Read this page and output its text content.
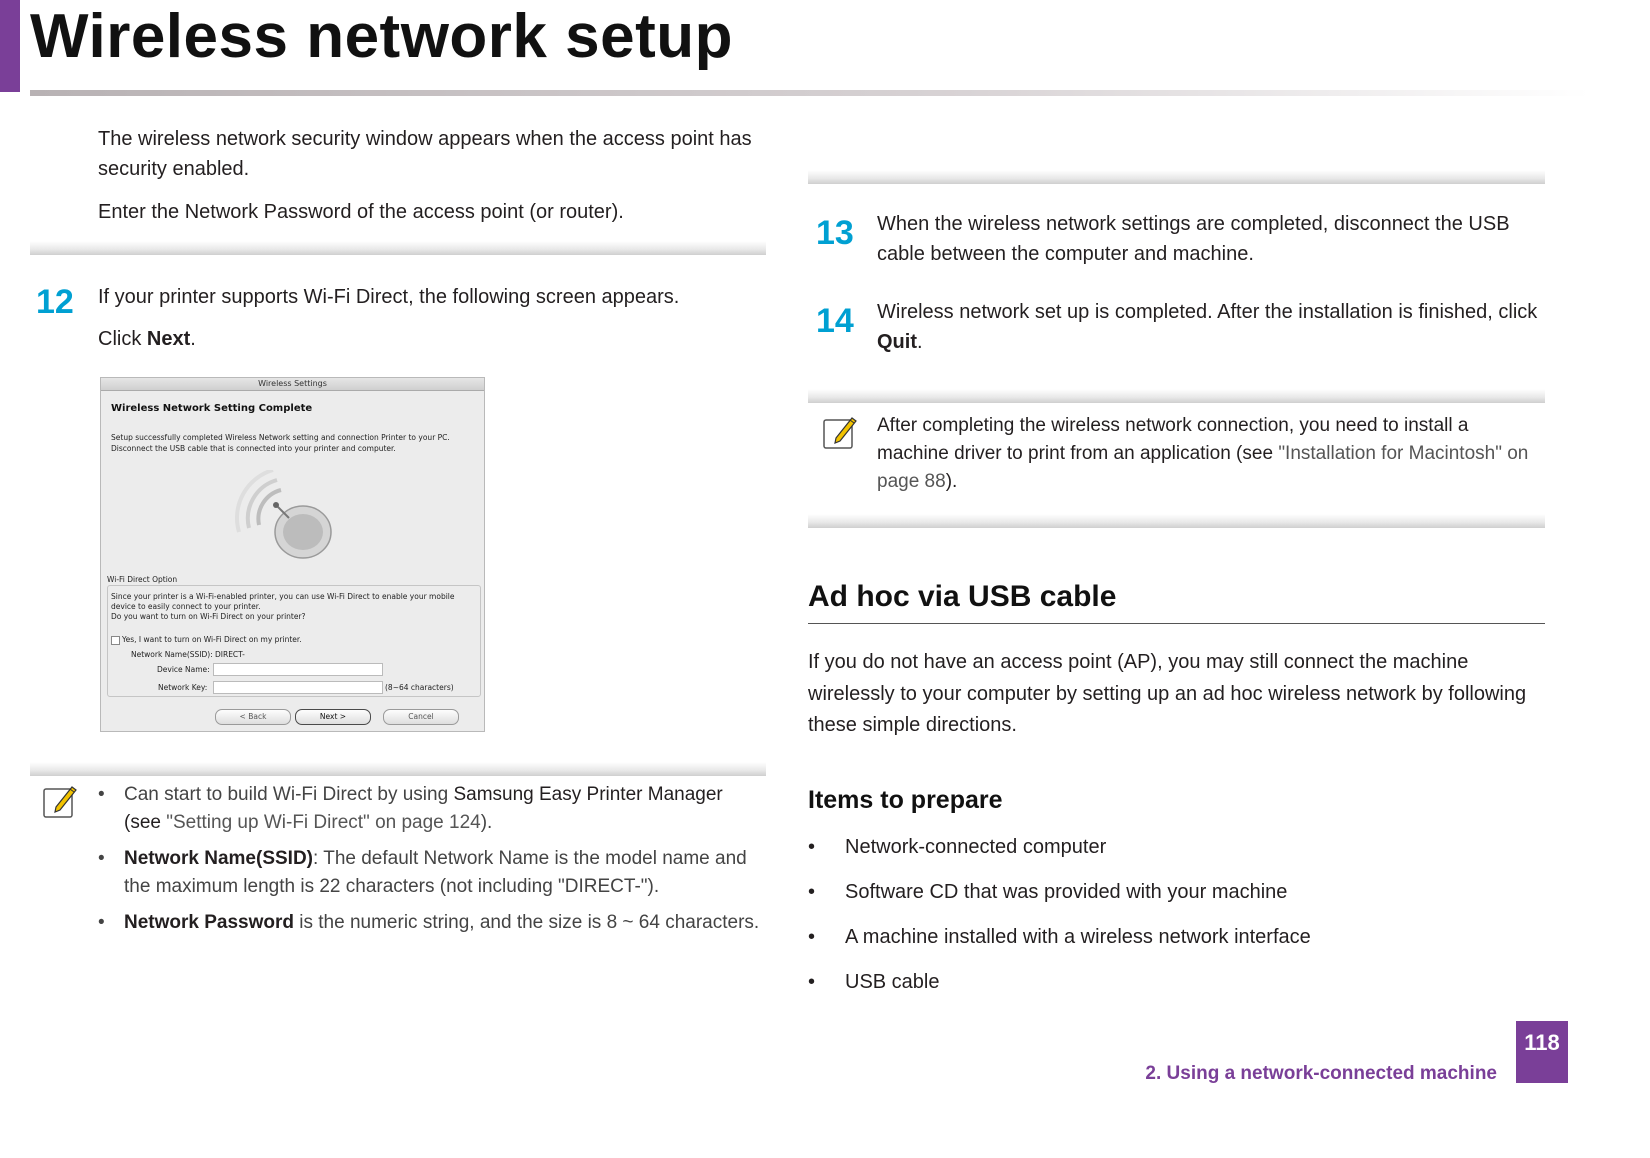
Wireless network setup
The wireless network security window appears when the access point has security enabled.
Enter the Network Password of the access point (or router).
12 If your printer supports Wi-Fi Direct, the following screen appears.
Click Next.
Wireless Settings
Wireless Network Setting Complete
Setup successfully completed Wireless Network setting and connection Printer to your PC.
Disconnect the USB cable that is connected into your printer and computer.
Wi-Fi Direct Option
Since your printer is a Wi-Fi-enabled printer, you can use Wi-Fi Direct to enable your mobile
device to easily connect to your printer.
Do you want to turn on Wi-Fi Direct on your printer?
Yes, I want to turn on Wi-Fi Direct on my printer.
Network Name(SSID): DIRECT-
Device Name:
Network Key:	(8~64 characters)
< Back	Next >	Cancel
• Can start to build Wi-Fi Direct by using Samsung Easy Printer Manager (see "Setting up Wi-Fi Direct" on page 124).
• Network Name(SSID): The default Network Name is the model name and the maximum length is 22 characters (not including "DIRECT-").
• Network Password is the numeric string, and the size is 8 ~ 64 characters.
13 When the wireless network settings are completed, disconnect the USB cable between the computer and machine.
14 Wireless network set up is completed. After the installation is finished, click Quit.
After completing the wireless network connection, you need to install a machine driver to print from an application (see "Installation for Macintosh" on page 88).
Ad hoc via USB cable
If you do not have an access point (AP), you may still connect the machine wirelessly to your computer by setting up an ad hoc wireless network by following these simple directions.
Items to prepare
• Network-connected computer
• Software CD that was provided with your machine
• A machine installed with a wireless network interface
• USB cable
2. Using a network-connected machine
118
